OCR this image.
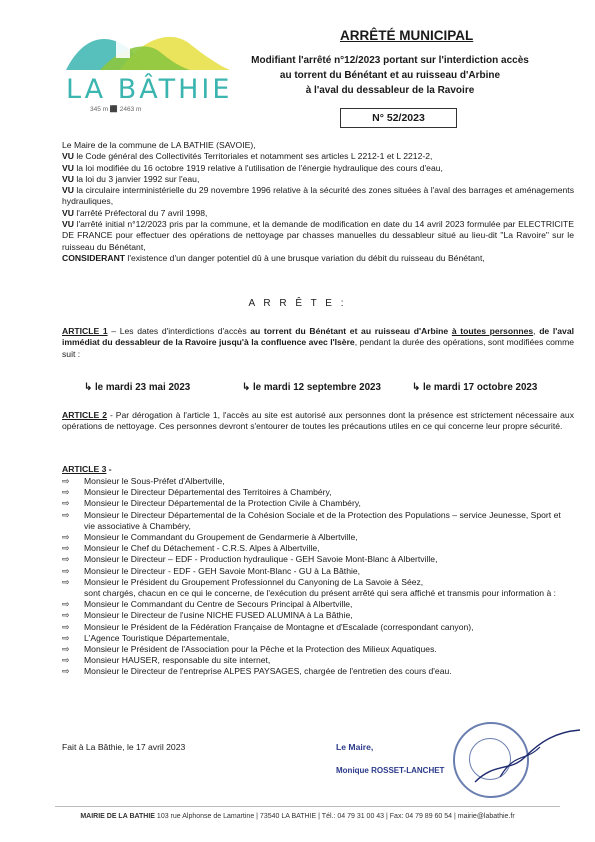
LA BÂTHIE
345 m ⬛ 2463 m
ARRÊTÉ MUNICIPAL
Modifiant l'arrêté n°12/2023 portant sur l'interdiction accès
au torrent du Bénétant et au ruisseau d'Arbine
à l'aval du dessableur de la Ravoire
N° 52/2023

Le Maire de la commune de LA BATHIE (SAVOIE),

VU le Code général des Collectivités Territoriales et notamment ses articles L 2212-1 et L 2212-2,

VU la loi modifiée du 16 octobre 1919 relative à l'utilisation de l'énergie hydraulique des cours d'eau,

VU la loi du 3 janvier 1992 sur l'eau,

VU la circulaire interministérielle du 29 novembre 1996 relative à la sécurité des zones situées à l'aval des barrages et aménagements hydrauliques,

VU l'arrêté Préfectoral du 7 avril 1998,

VU l'arrêté initial n°12/2023 pris par la commune, et la demande de modification en date du 14 avril 2023 formulée par ELECTRICITE DE FRANCE pour effectuer des opérations de nettoyage par chasses manuelles du dessableur situé au lieu-dit "La Ravoire" sur le ruisseau du Bénétant,

CONSIDERANT l'existence d'un danger potentiel dû à une brusque variation du débit du ruisseau du Bénétant,

A R R Ê T E :

ARTICLE 1 – Les dates d'interdictions d'accès au torrent du Bénétant et au ruisseau d'Arbine à toutes personnes, de l'aval immédiat du dessableur de la Ravoire jusqu'à la confluence avec l'Isère, pendant la durée des opérations, sont modifiées comme suit :

↳ le mardi 23 mai 2023	↳ le mardi 12 septembre 2023	↳ le mardi 17 octobre 2023

ARTICLE 2 - Par dérogation à l'article 1, l'accès au site est autorisé aux personnes dont la présence est strictement nécessaire aux opérations de nettoyage. Ces personnes devront s'entourer de toutes les précautions utiles en ce qui concerne leur propre sécurité.

ARTICLE 3 -

⇨ Monsieur le Sous-Préfet d'Albertville,
⇨ Monsieur le Directeur Départemental des Territoires à Chambéry,
⇨ Monsieur le Directeur Départemental de la Protection Civile à Chambéry,
⇨ Monsieur le Directeur Départemental de la Cohésion Sociale et de la Protection des Populations – service Jeunesse, Sport et vie associative à Chambéry,
⇨ Monsieur le Commandant du Groupement de Gendarmerie à Albertville,
⇨ Monsieur le Chef du Détachement - C.R.S. Alpes à Albertville,
⇨ Monsieur le Directeur – EDF - Production hydraulique - GEH Savoie Mont-Blanc à Albertville,
⇨ Monsieur le Directeur - EDF - GEH Savoie Mont-Blanc - GU à La Bâthie,
⇨ Monsieur le Président du Groupement Professionnel du Canyoning de La Savoie à Séez,
sont chargés, chacun en ce qui le concerne, de l'exécution du présent arrêté qui sera affiché et transmis pour information à :
⇨ Monsieur le Commandant du Centre de Secours Principal à Albertville,
⇨ Monsieur le Directeur de l'usine NICHE FUSED ALUMINA à La Bâthie,
⇨ Monsieur le Président de la Fédération Française de Montagne et d'Escalade (correspondant canyon),
⇨ L'Agence Touristique Départementale,
⇨ Monsieur le Président de l'Association pour la Pêche et la Protection des Milieux Aquatiques.
⇨ Monsieur HAUSER, responsable du site internet,
⇨ Monsieur le Directeur de l'entreprise ALPES PAYSAGES, chargée de l'entretien des cours d'eau.
Fait à La Bâthie, le 17 avril 2023	Le Maire,
Monique ROSSET-LANCHET
MAIRIE DE LA BATHIE 103 rue Alphonse de Lamartine | 73540 LA BATHIE | Tél.: 04 79 31 00 43 | Fax: 04 79 89 60 54 | mairie@labathie.fr
